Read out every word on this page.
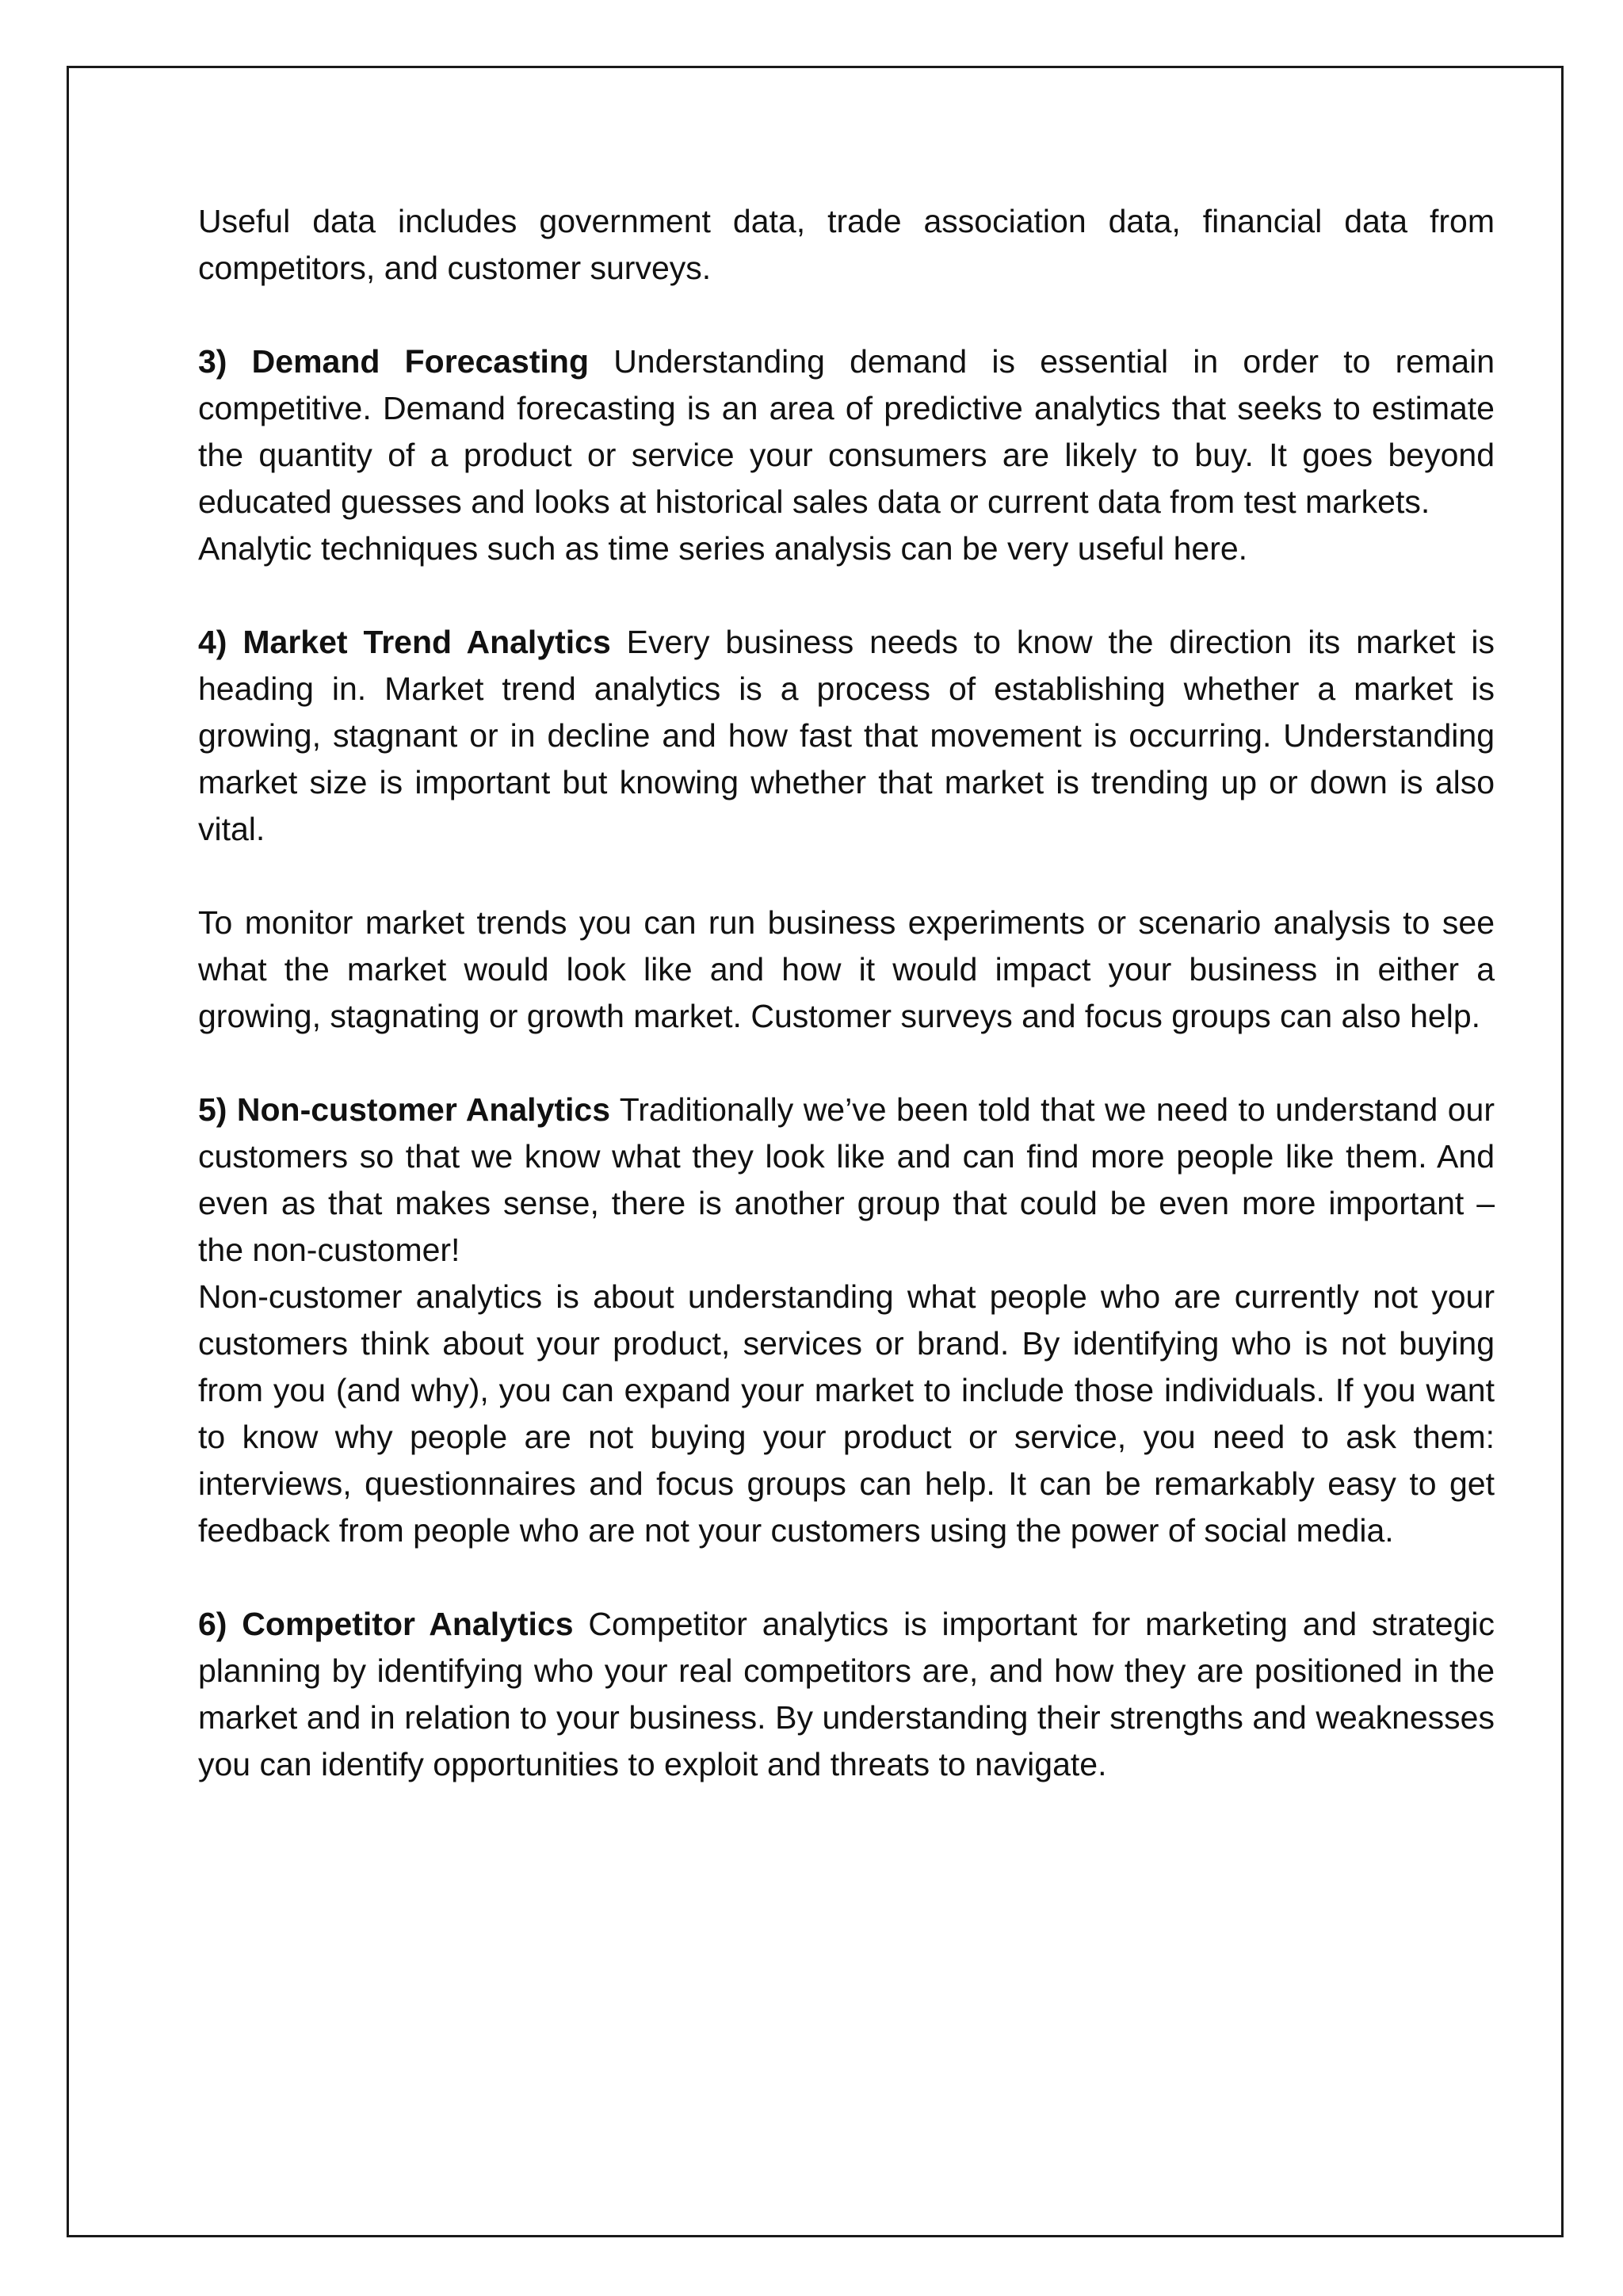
Useful data includes government data, trade association data, financial data from competitors, and customer surveys.

3) Demand Forecasting Understanding demand is essential in order to remain competitive. Demand forecasting is an area of predictive analytics that seeks to estimate the quantity of a product or service your consumers are likely to buy. It goes beyond educated guesses and looks at historical sales data or current data from test markets.

Analytic techniques such as time series analysis can be very useful here.

4) Market Trend Analytics Every business needs to know the direction its market is heading in. Market trend analytics is a process of establishing whether a market is growing, stagnant or in decline and how fast that movement is occurring. Understanding market size is important but knowing whether that market is trending up or down is also vital.

To monitor market trends you can run business experiments or scenario analysis to see what the market would look like and how it would impact your business in either a growing, stagnating or growth market. Customer surveys and focus groups can also help.

5) Non-customer Analytics Traditionally we’ve been told that we need to understand our customers so that we know what they look like and can find more people like them. And even as that makes sense, there is another group that could be even more important – the non-customer!

Non-customer analytics is about understanding what people who are currently not your customers think about your product, services or brand. By identifying who is not buying from you (and why), you can expand your market to include those individuals. If you want to know why people are not buying your product or service, you need to ask them: interviews, questionnaires and focus groups can help. It can be remarkably easy to get feedback from people who are not your customers using the power of social media.

6) Competitor Analytics Competitor analytics is important for marketing and strategic planning by identifying who your real competitors are, and how they are positioned in the market and in relation to your business. By understanding their strengths and weaknesses you can identify opportunities to exploit and threats to navigate.
